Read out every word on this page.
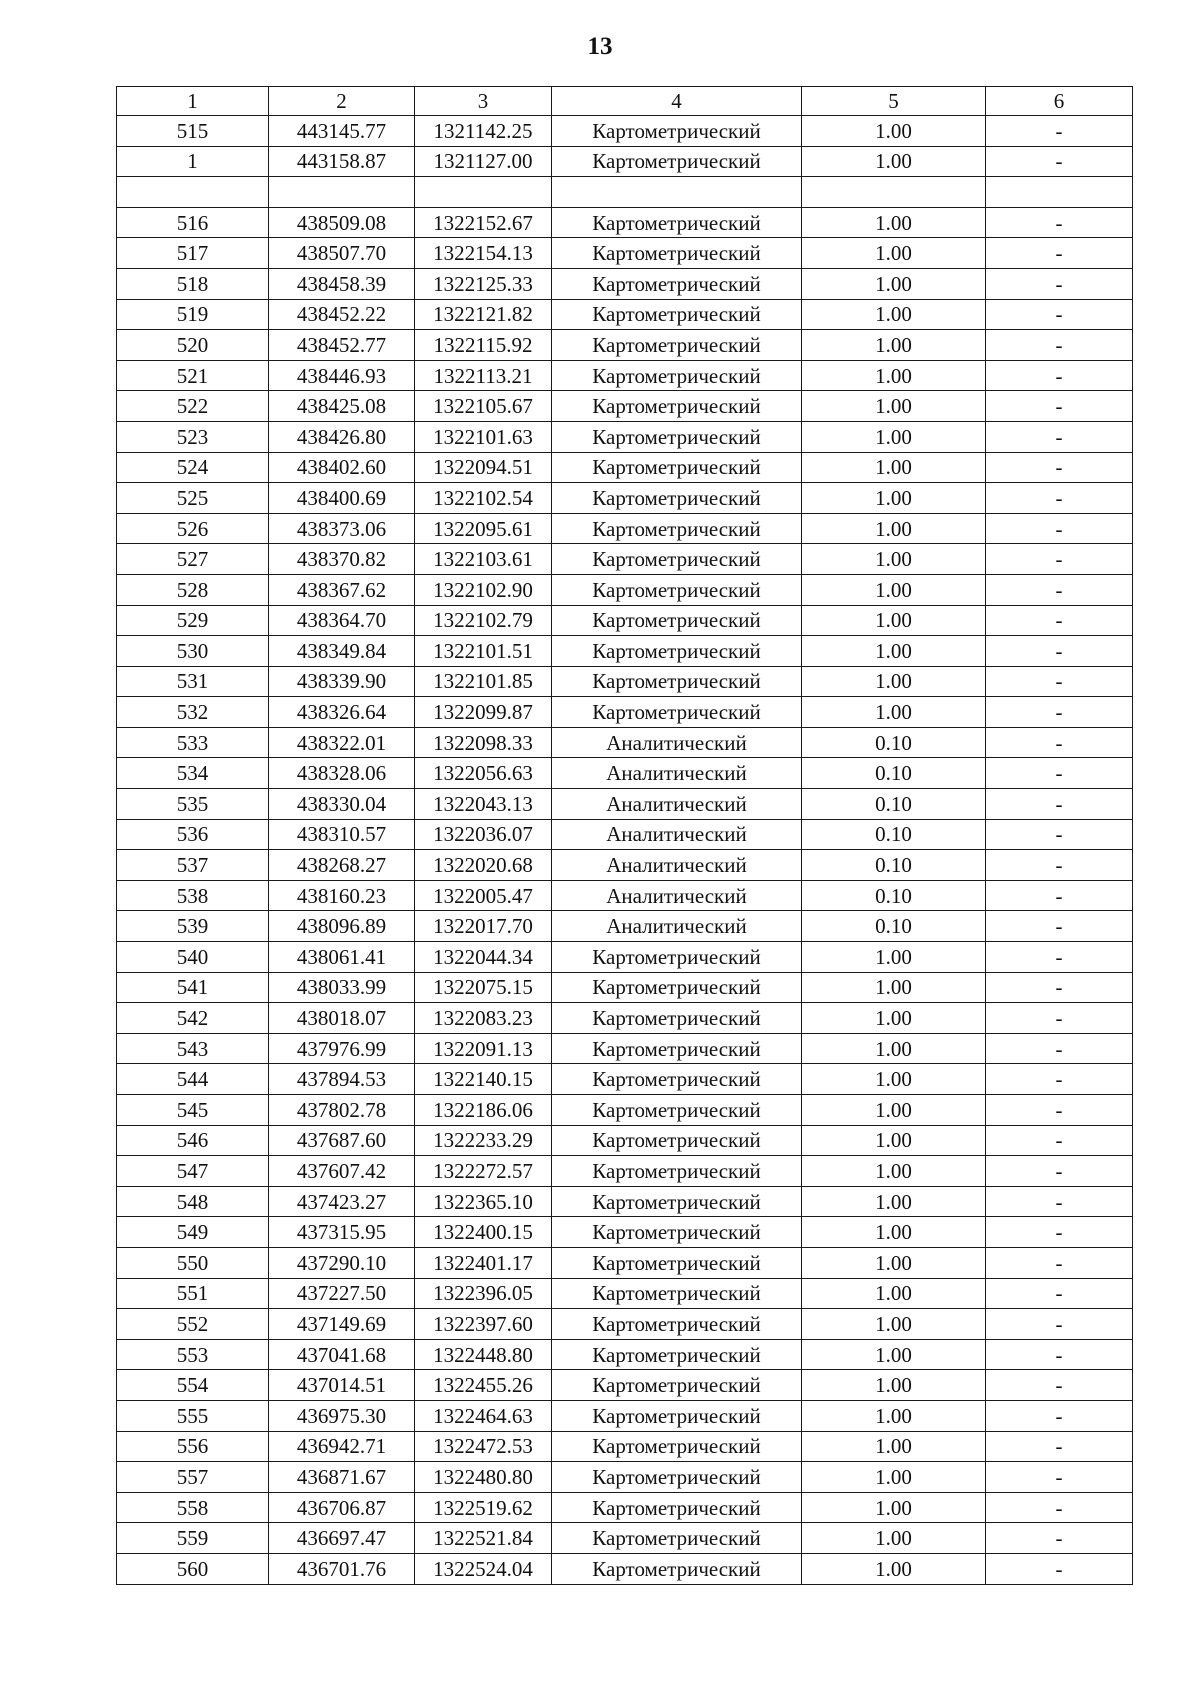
13
1	2	3	4	5	6
515	443145.77	1321142.25	Картометрический	1.00	-
1	443158.87	1321127.00	Картометрический	1.00	-

516	438509.08	1322152.67	Картометрический	1.00	-
517	438507.70	1322154.13	Картометрический	1.00	-
518	438458.39	1322125.33	Картометрический	1.00	-
519	438452.22	1322121.82	Картометрический	1.00	-
520	438452.77	1322115.92	Картометрический	1.00	-
521	438446.93	1322113.21	Картометрический	1.00	-
522	438425.08	1322105.67	Картометрический	1.00	-
523	438426.80	1322101.63	Картометрический	1.00	-
524	438402.60	1322094.51	Картометрический	1.00	-
525	438400.69	1322102.54	Картометрический	1.00	-
526	438373.06	1322095.61	Картометрический	1.00	-
527	438370.82	1322103.61	Картометрический	1.00	-
528	438367.62	1322102.90	Картометрический	1.00	-
529	438364.70	1322102.79	Картометрический	1.00	-
530	438349.84	1322101.51	Картометрический	1.00	-
531	438339.90	1322101.85	Картометрический	1.00	-
532	438326.64	1322099.87	Картометрический	1.00	-
533	438322.01	1322098.33	Аналитический	0.10	-
534	438328.06	1322056.63	Аналитический	0.10	-
535	438330.04	1322043.13	Аналитический	0.10	-
536	438310.57	1322036.07	Аналитический	0.10	-
537	438268.27	1322020.68	Аналитический	0.10	-
538	438160.23	1322005.47	Аналитический	0.10	-
539	438096.89	1322017.70	Аналитический	0.10	-
540	438061.41	1322044.34	Картометрический	1.00	-
541	438033.99	1322075.15	Картометрический	1.00	-
542	438018.07	1322083.23	Картометрический	1.00	-
543	437976.99	1322091.13	Картометрический	1.00	-
544	437894.53	1322140.15	Картометрический	1.00	-
545	437802.78	1322186.06	Картометрический	1.00	-
546	437687.60	1322233.29	Картометрический	1.00	-
547	437607.42	1322272.57	Картометрический	1.00	-
548	437423.27	1322365.10	Картометрический	1.00	-
549	437315.95	1322400.15	Картометрический	1.00	-
550	437290.10	1322401.17	Картометрический	1.00	-
551	437227.50	1322396.05	Картометрический	1.00	-
552	437149.69	1322397.60	Картометрический	1.00	-
553	437041.68	1322448.80	Картометрический	1.00	-
554	437014.51	1322455.26	Картометрический	1.00	-
555	436975.30	1322464.63	Картометрический	1.00	-
556	436942.71	1322472.53	Картометрический	1.00	-
557	436871.67	1322480.80	Картометрический	1.00	-
558	436706.87	1322519.62	Картометрический	1.00	-
559	436697.47	1322521.84	Картометрический	1.00	-
560	436701.76	1322524.04	Картометрический	1.00	-
